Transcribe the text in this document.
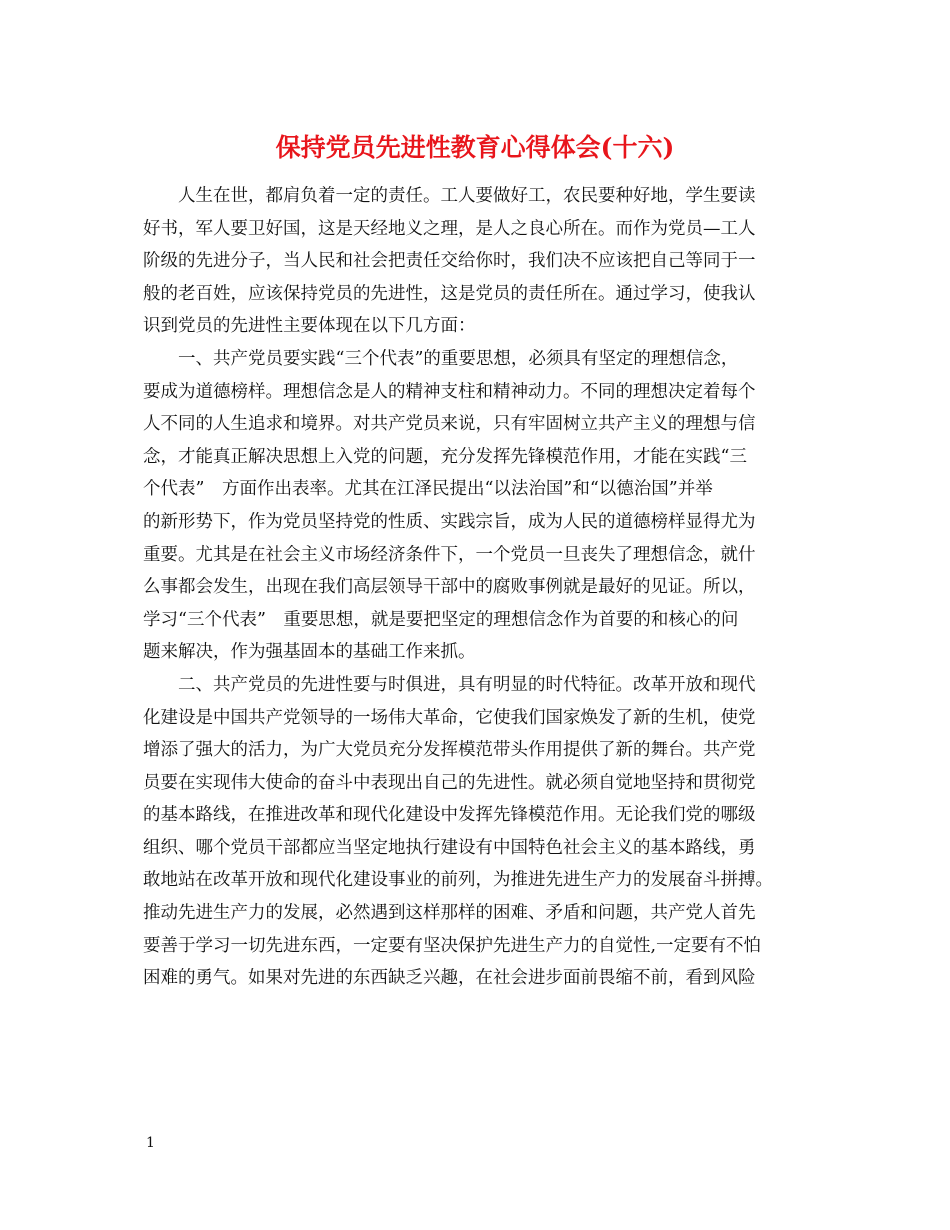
保持党员先进性教育心得体会(十六)
　　人生在世，都肩负着一定的责任。工人要做好工，农民要种好地，学生要读
好书，军人要卫好国，这是天经地义之理，是人之良心所在。而作为党员—工人
阶级的先进分子，当人民和社会把责任交给你时，我们决不应该把自己等同于一
般的老百姓，应该保持党员的先进性，这是党员的责任所在。通过学习，使我认
识到党员的先进性主要体现在以下几方面：
　　一、共产党员要实践“三个代表”的重要思想，必须具有坚定的理想信念，
要成为道德榜样。理想信念是人的精神支柱和精神动力。不同的理想决定着每个
人不同的人生追求和境界。对共产党员来说，只有牢固树立共产主义的理想与信
念，才能真正解决思想上入党的问题，充分发挥先锋模范作用，才能在实践“三
个代表”　方面作出表率。尤其在江泽民提出“以法治国”和“以德治国”并举
的新形势下，作为党员坚持党的性质、实践宗旨，成为人民的道德榜样显得尤为
重要。尤其是在社会主义市场经济条件下，一个党员一旦丧失了理想信念，就什
么事都会发生，出现在我们高层领导干部中的腐败事例就是最好的见证。所以，
学习“三个代表”　重要思想，就是要把坚定的理想信念作为首要的和核心的问
题来解决，作为强基固本的基础工作来抓。
　　二、共产党员的先进性要与时俱进，具有明显的时代特征。改革开放和现代
化建设是中国共产党领导的一场伟大革命，它使我们国家焕发了新的生机，使党
增添了强大的活力，为广大党员充分发挥模范带头作用提供了新的舞台。共产党
员要在实现伟大使命的奋斗中表现出自己的先进性。就必须自觉地坚持和贯彻党
的基本路线，在推进改革和现代化建设中发挥先锋模范作用。无论我们党的哪级
组织、哪个党员干部都应当坚定地执行建设有中国特色社会主义的基本路线，勇
敢地站在改革开放和现代化建设事业的前列，为推进先进生产力的发展奋斗拼搏。
推动先进生产力的发展，必然遇到这样那样的困难、矛盾和问题，共产党人首先
要善于学习一切先进东西，一定要有坚决保护先进生产力的自觉性,一定要有不怕
困难的勇气。如果对先进的东西缺乏兴趣，在社会进步面前畏缩不前，看到风险
1
